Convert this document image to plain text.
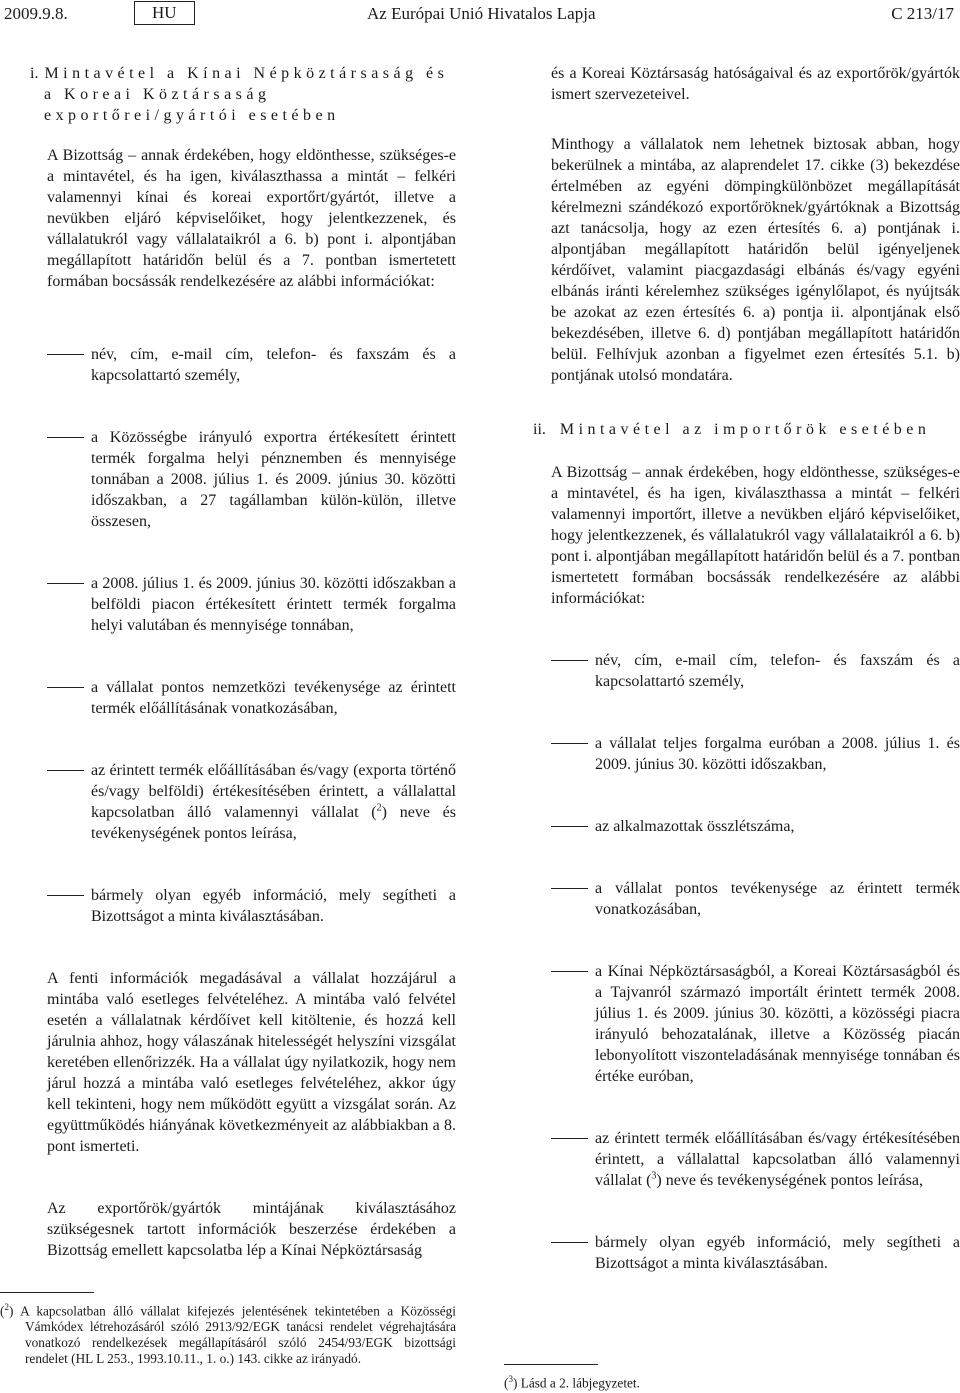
2009.9.8.	HU	Az Európai Unió Hivatalos Lapja	C 213/17

i. Mintavétel a Kínai Népköztársaság és a Koreai Köztársaság exportőrei/gyártói esetében

A Bizottság – annak érdekében, hogy eldönthesse, szükséges-e a mintavétel, és ha igen, kiválaszthassa a mintát – felkéri valamennyi kínai és koreai exportőrt/gyártót, illetve a nevükben eljáró képviselőiket, hogy jelentkezzenek, és vállalatukról vagy vállalataikról a 6. b) pont i. alpontjában megállapított határidőn belül és a 7. pontban ismertetett formában bocsássák rendelkezésére az alábbi információkat:

név, cím, e-mail cím, telefon- és faxszám és a kapcsolattartó személy,

a Közösségbe irányuló exportra értékesített érintett termék forgalma helyi pénznemben és mennyisége tonnában a 2008. július 1. és 2009. június 30. közötti időszakban, a 27 tagállamban külön-külön, illetve összesen,

a 2008. július 1. és 2009. június 30. közötti időszakban a belföldi piacon értékesített érintett termék forgalma helyi valutában és mennyisége tonnában,

a vállalat pontos nemzetközi tevékenysége az érintett termék előállításának vonatkozásában,

az érintett termék előállításában és/vagy (exporta történő és/vagy belföldi) értékesítésében érintett, a vállalattal kapcsolatban álló valamennyi vállalat ($^2$) neve és tevékenységének pontos leírása,

bármely olyan egyéb információ, mely segítheti a Bizottságot a minta kiválasztásában.

A fenti információk megadásával a vállalat hozzájárul a mintába való esetleges felvételéhez. A mintába való felvétel esetén a vállalatnak kérdőívet kell kitöltenie, és hozzá kell járulnia ahhoz, hogy válaszának hitelességét helyszíni vizsgálat keretében ellenőrizzék. Ha a vállalat úgy nyilatkozik, hogy nem járul hozzá a mintába való esetleges felvételéhez, akkor úgy kell tekinteni, hogy nem működött együtt a vizsgálat során. Az együttműködés hiányának következményeit az alábbiakban a 8. pont ismerteti.

Az exportőrök/gyártók mintájának kiválasztásához szükségesnek tartott információk beszerzése érdekében a Bizottság emellett kapcsolatba lép a Kínai Népköztársaság

($^2$) A kapcsolatban álló vállalat kifejezés jelentésének tekintetében a Közösségi Vámkódex létrehozásáról szóló 2913/92/EGK tanácsi rendelet végrehajtására vonatkozó rendelkezések megállapításáról szóló 2454/93/EGK bizottsági rendelet (HL L 253., 1993.10.11., 1. o.) 143. cikke az irányadó.

és a Koreai Köztársaság hatóságaival és az exportőrök/gyártók ismert szervezeteivel.

Minthogy a vállalatok nem lehetnek biztosak abban, hogy bekerülnek a mintába, az alaprendelet 17. cikke (3) bekezdése értelmében az egyéni dömpingkülönbözet megállapítását kérelmezni szándékozó exportőröknek/gyártóknak a Bizottság azt tanácsolja, hogy az ezen értesítés 6. a) pontjának i. alpontjában megállapított határidőn belül igényeljenek kérdőívet, valamint piacgazdasági elbánás és/vagy egyéni elbánás iránti kérelemhez szükséges igénylőlapot, és nyújtsák be azokat az ezen értesítés 6. a) pontja ii. alpontjának első bekezdésében, illetve 6. d) pontjában megállapított határidőn belül. Felhívjuk azonban a figyelmet ezen értesítés 5.1. b) pontjának utolsó mondatára.

ii. Mintavétel az importőrök esetében

A Bizottság – annak érdekében, hogy eldönthesse, szükséges-e a mintavétel, és ha igen, kiválaszthassa a mintát – felkéri valamennyi importőrt, illetve a nevükben eljáró képviselőiket, hogy jelentkezzenek, és vállalatukról vagy vállalataikról a 6. b) pont i. alpontjában megállapított határidőn belül és a 7. pontban ismertetett formában bocsássák rendelkezésére az alábbi információkat:

név, cím, e-mail cím, telefon- és faxszám és a kapcsolattartó személy,

a vállalat teljes forgalma euróban a 2008. július 1. és 2009. június 30. közötti időszakban,

az alkalmazottak összlétszáma,

a vállalat pontos tevékenysége az érintett termék vonatkozásában,

a Kínai Népköztársaságból, a Koreai Köztársaságból és a Tajvanról származó importált érintett termék 2008. július 1. és 2009. június 30. közötti, a közösségi piacra irányuló behozatalának, illetve a Közösség piacán lebonyolított viszonteladásának mennyisége tonnában és értéke euróban,

az érintett termék előállításában és/vagy értékesítésében érintett, a vállalattal kapcsolatban álló valamennyi vállalat ($^3$) neve és tevékenységének pontos leírása,

bármely olyan egyéb információ, mely segítheti a Bizottságot a minta kiválasztásában.

($^3$) Lásd a 2. lábjegyzetet.
